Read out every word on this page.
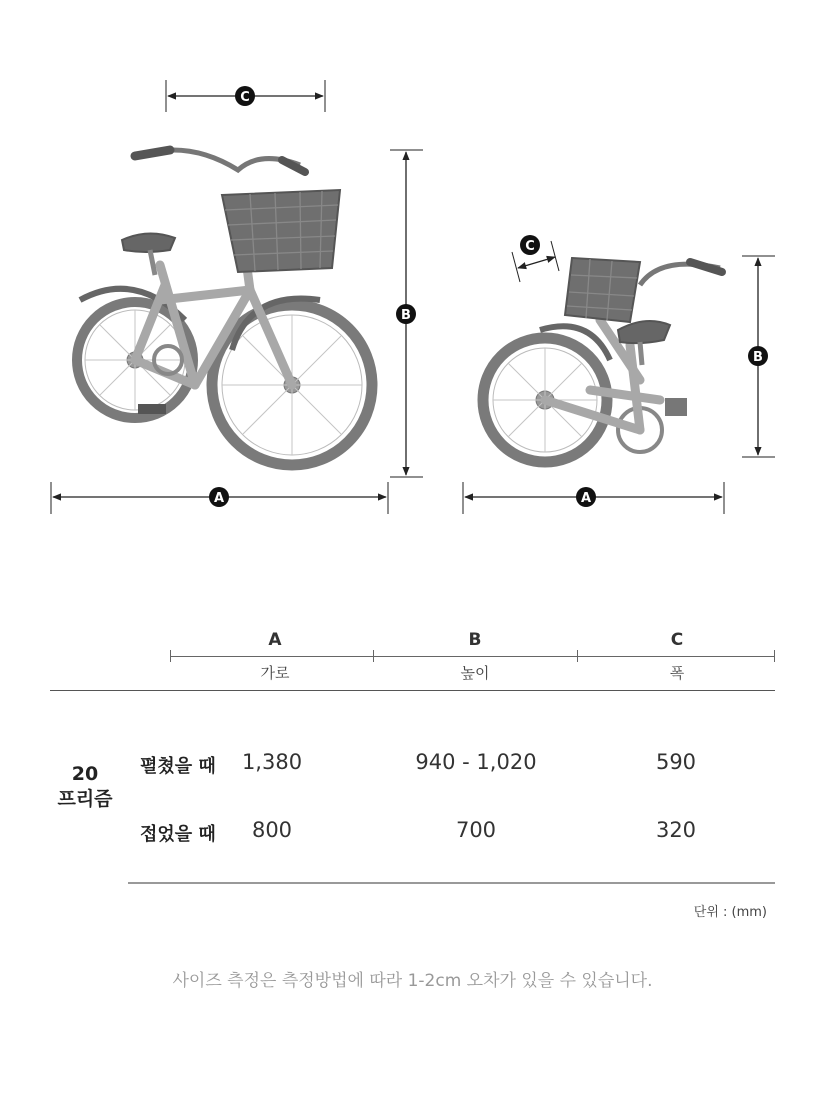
C
B
A
C
B
A
A	B	C
가로	높이	폭
20
프리즘
펼쳤을 때	1,380	940 - 1,020	590
접었을 때	800	700	320
단위 : (mm)
사이즈 측정은 측정방법에 따라 1-2cm 오차가 있을 수 있습니다.
